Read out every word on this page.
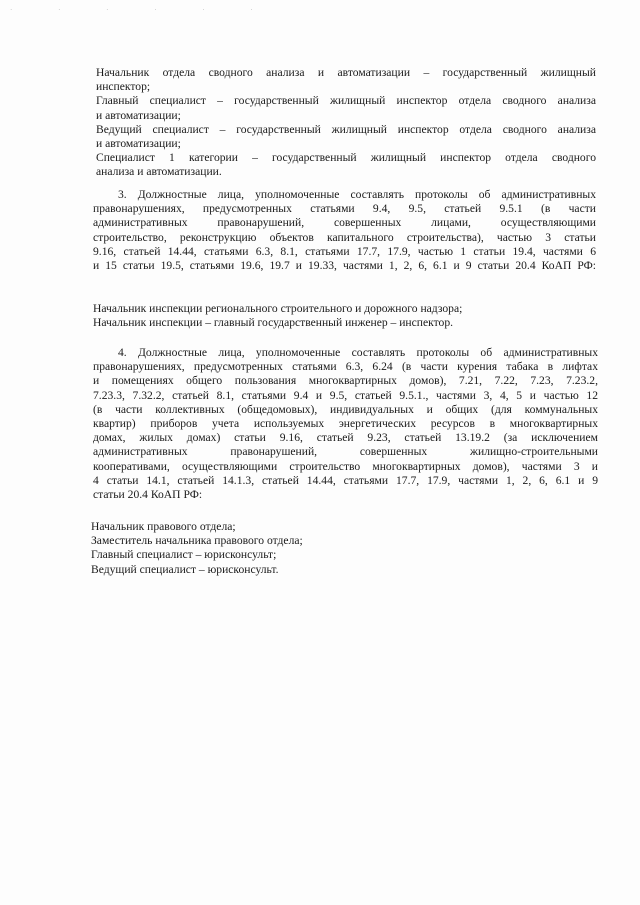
· · · · · ·
Начальник отдела сводного анализа и автоматизации – государственный жилищный
инспектор;
Главный специалист – государственный жилищный инспектор отдела сводного анализа
и автоматизации;
Ведущий специалист – государственный жилищный инспектор отдела сводного анализа
и автоматизации;
Специалист 1 категории – государственный жилищный инспектор отдела сводного
анализа и автоматизации.
3. Должностные лица, уполномоченные составлять протоколы об административных
правонарушениях, предусмотренных статьями 9.4, 9.5, статьей 9.5.1 (в части
административных правонарушений, совершенных лицами, осуществляющими
строительство, реконструкцию объектов капитального строительства), частью 3 статьи
9.16, статьей 14.44, статьями 6.3, 8.1, статьями 17.7, 17.9, частью 1 статьи 19.4, частями 6
и 15 статьи 19.5, статьями 19.6, 19.7 и 19.33, частями 1, 2, 6, 6.1 и 9 статьи 20.4 КоАП РФ:
Начальник инспекции регионального строительного и дорожного надзора;
Начальник инспекции – главный государственный инженер – инспектор.
4. Должностные лица, уполномоченные составлять протоколы об административных
правонарушениях, предусмотренных статьями 6.3, 6.24 (в части курения табака в лифтах
и помещениях общего пользования многоквартирных домов), 7.21, 7.22, 7.23, 7.23.2,
7.23.3, 7.32.2, статьей 8.1, статьями 9.4 и 9.5, статьей 9.5.1., частями 3, 4, 5 и частью 12
(в части коллективных (общедомовых), индивидуальных и общих (для коммунальных
квартир) приборов учета используемых энергетических ресурсов в многоквартирных
домах, жилых домах) статьи 9.16, статьей 9.23, статьей 13.19.2 (за исключением
административных правонарушений, совершенных жилищно-строительными
кооперативами, осуществляющими строительство многоквартирных домов), частями 3 и
4 статьи 14.1, статьей 14.1.3, статьей 14.44, статьями 17.7, 17.9, частями 1, 2, 6, 6.1 и 9
статьи 20.4 КоАП РФ:
Начальник правового отдела;
Заместитель начальника правового отдела;
Главный специалист – юрисконсульт;
Ведущий специалист – юрисконсульт.
